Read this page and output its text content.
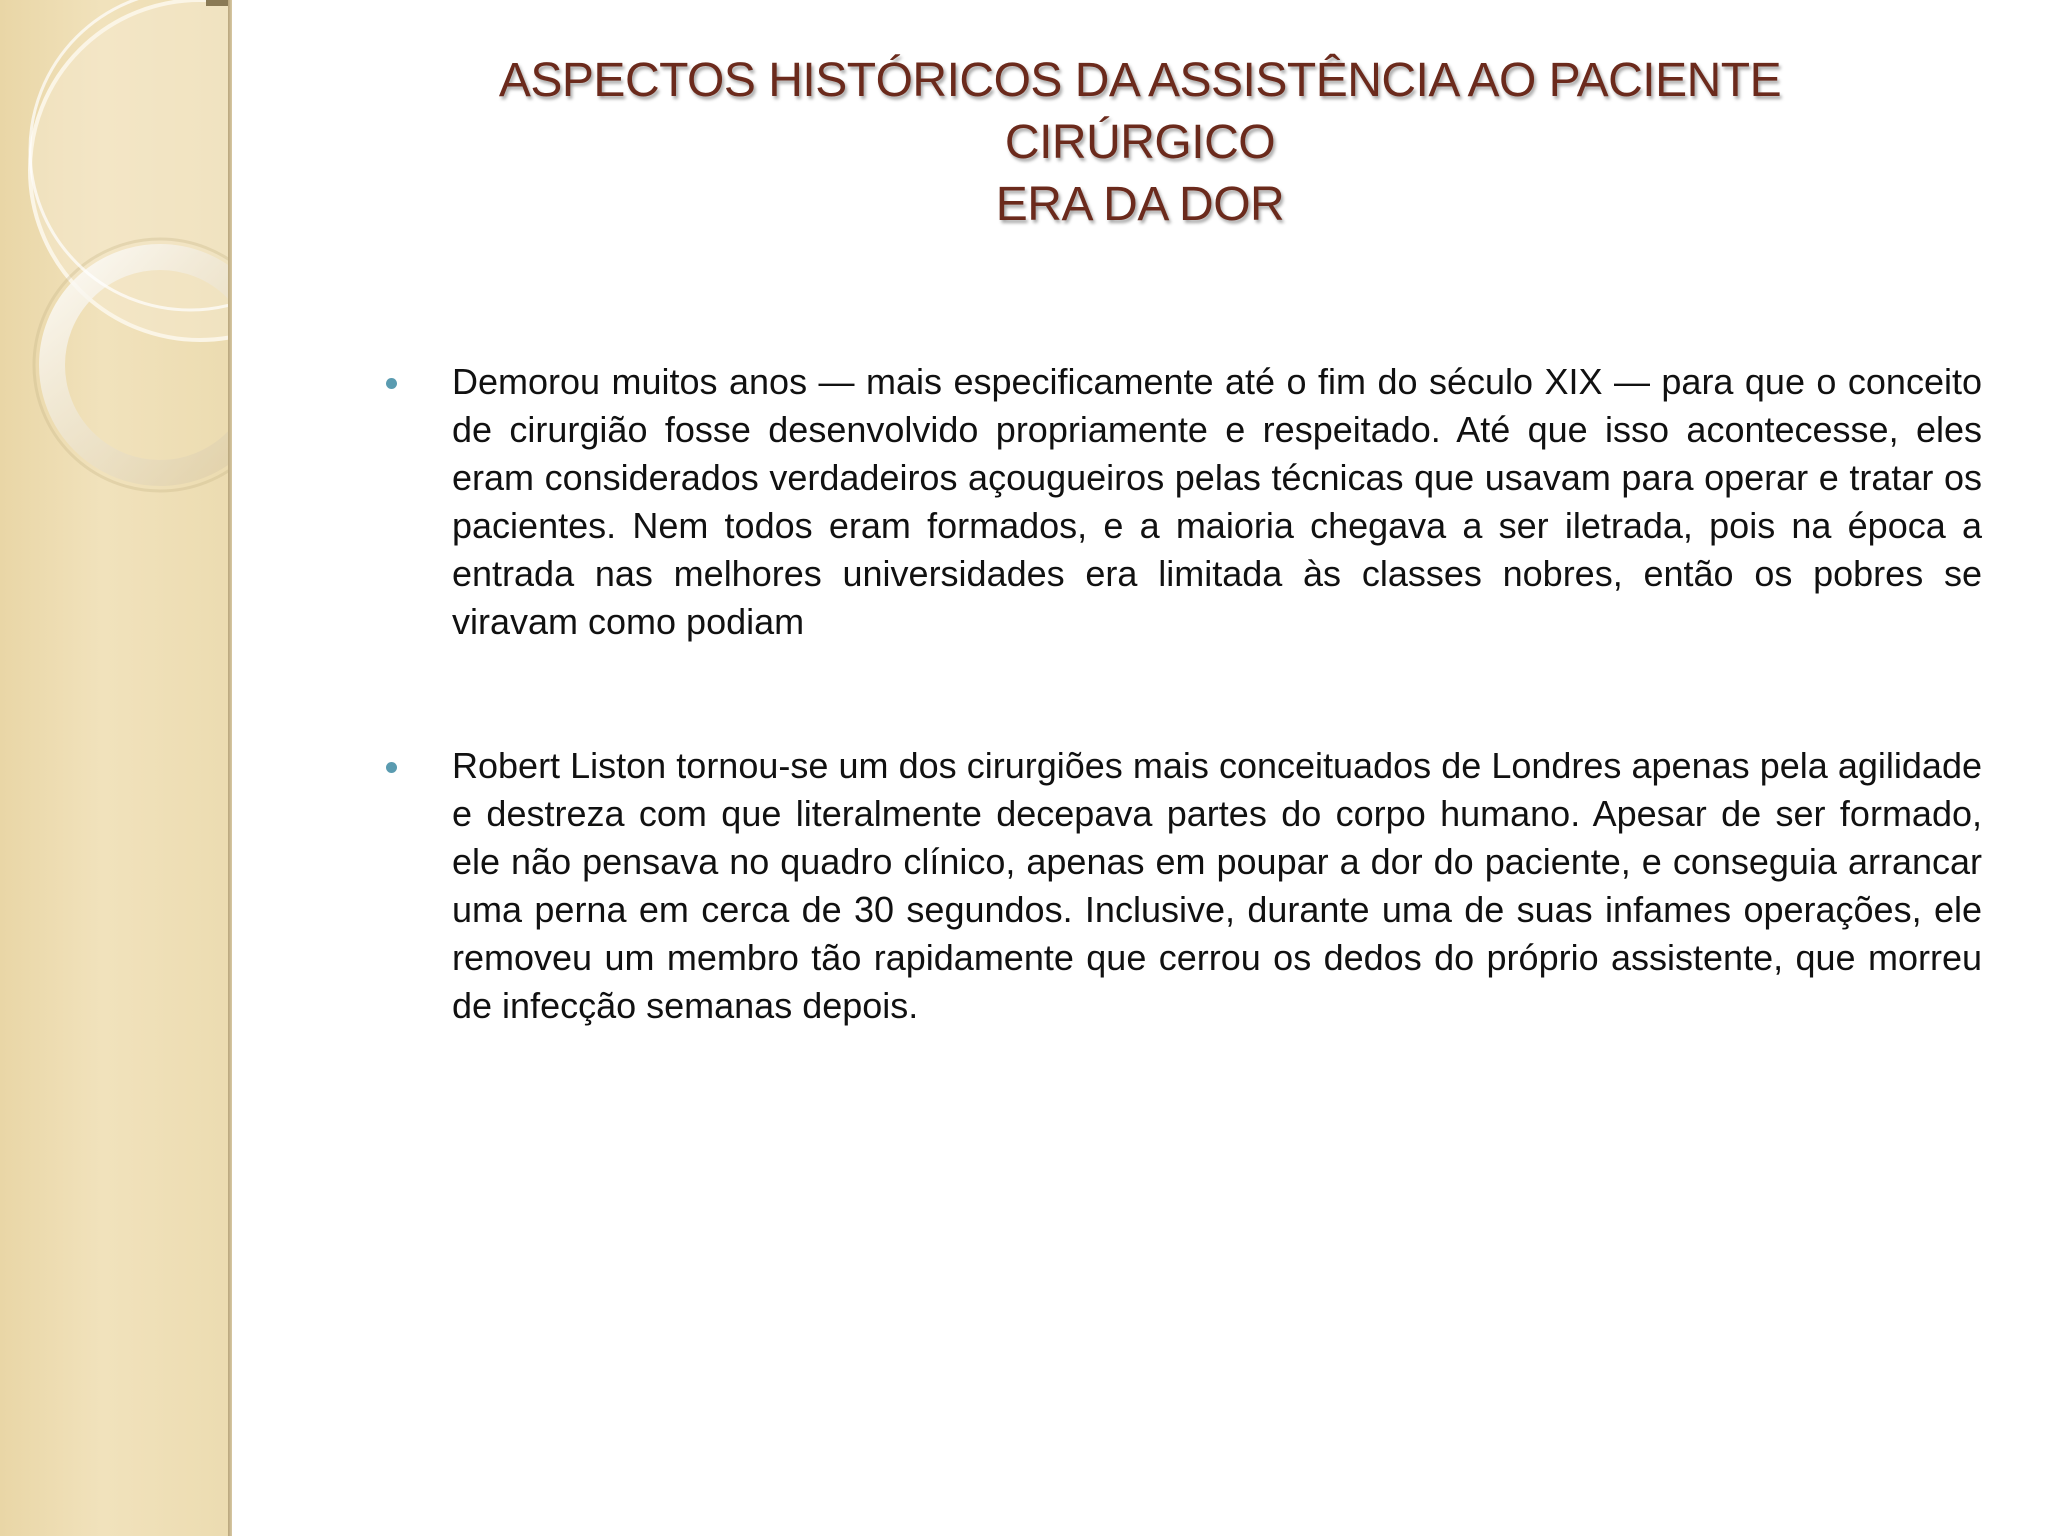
ASPECTOS HISTÓRICOS DA ASSISTÊNCIA AO PACIENTE
CIRÚRGICO
ERA DA DOR
Demorou muitos anos — mais especificamente até o fim do século XIX — para que o conceito de cirurgião fosse desenvolvido propriamente e respeitado. Até que isso acontecesse, eles eram considerados verdadeiros açougueiros pelas técnicas que usavam para operar e tratar os pacientes. Nem todos eram formados, e a maioria chegava a ser iletrada, pois na época a entrada nas melhores universidades era limitada às classes nobres, então os pobres se viravam como podiam
Robert Liston tornou-se um dos cirurgiões mais conceituados de Londres apenas pela agilidade e destreza com que literalmente decepava partes do corpo humano. Apesar de ser formado, ele não pensava no quadro clínico, apenas em poupar a dor do paciente, e conseguia arrancar uma perna em cerca de 30 segundos. Inclusive, durante uma de suas infames operações, ele removeu um membro tão rapidamente que cerrou os dedos do próprio assistente, que morreu de infecção semanas depois.
